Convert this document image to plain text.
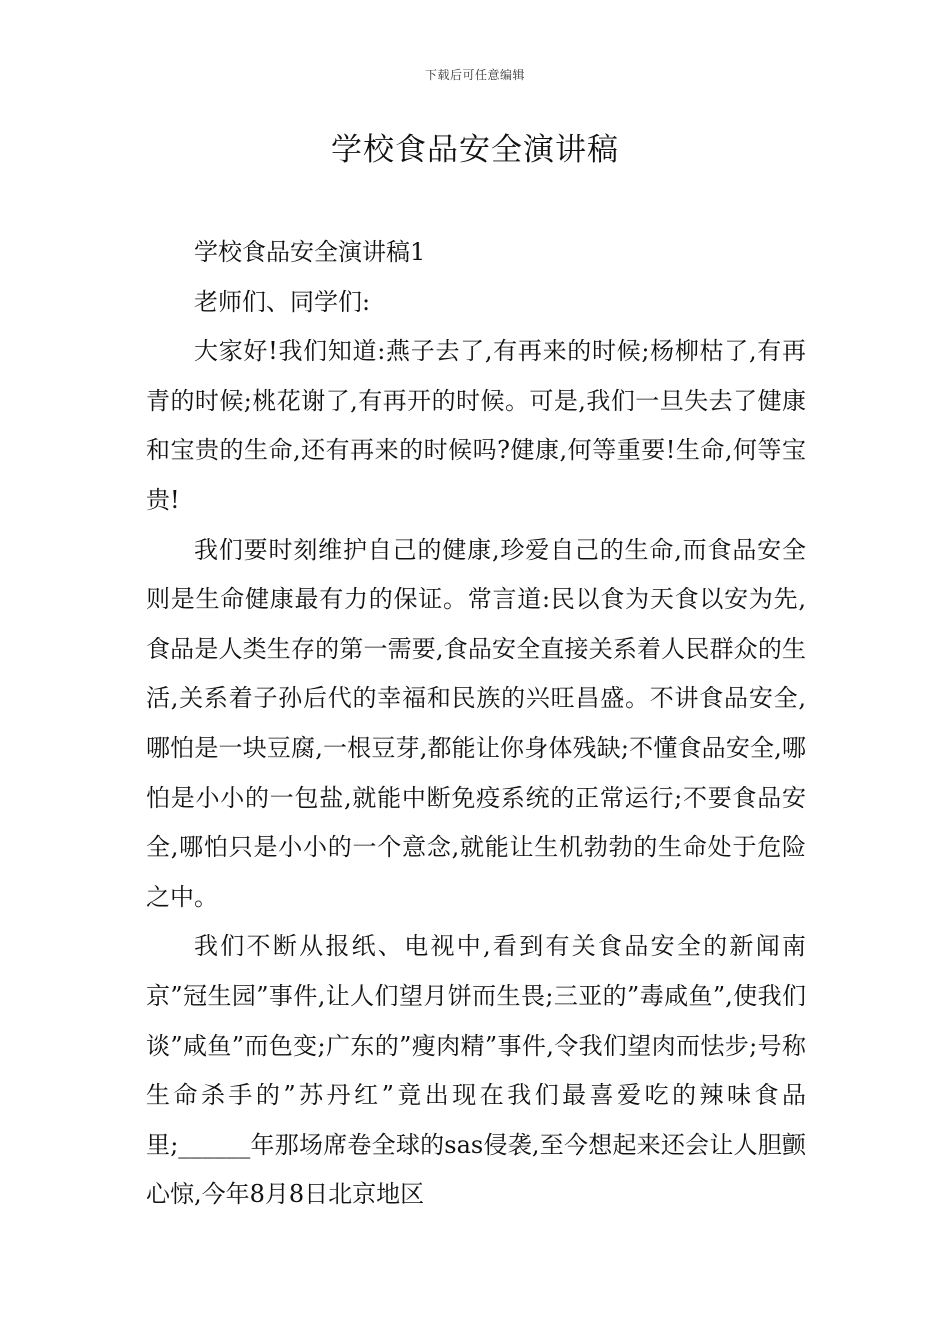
下载后可任意编辑
学校食品安全演讲稿

学校食品安全演讲稿1

老师们、同学们:

大家好!我们知道:燕子去了,有再来的时候;杨柳枯了,有再青的时候;桃花谢了,有再开的时候。可是,我们一旦失去了健康和宝贵的生命,还有再来的时候吗?健康,何等重要!生命,何等宝贵!

我们要时刻维护自己的健康,珍爱自己的生命,而食品安全则是生命健康最有力的保证。常言道:民以食为天食以安为先,食品是人类生存的第一需要,食品安全直接关系着人民群众的生活,关系着子孙后代的幸福和民族的兴旺昌盛。不讲食品安全,哪怕是一块豆腐,一根豆芽,都能让你身体残缺;不懂食品安全,哪怕是小小的一包盐,就能中断免疫系统的正常运行;不要食品安全,哪怕只是小小的一个意念,就能让生机勃勃的生命处于危险之中。

我们不断从报纸、电视中,看到有关食品安全的新闻南京”冠生园”事件,让人们望月饼而生畏;三亚的”毒咸鱼”,使我们谈”咸鱼”而色变;广东的”瘦肉精”事件,令我们望肉而怯步;号称生命杀手的”苏丹红”竟出现在我们最喜爱吃的辣味食品里;______年那场席卷全球的sas侵袭,至今想起来还会让人胆颤心惊,今年8月8日北京地区
